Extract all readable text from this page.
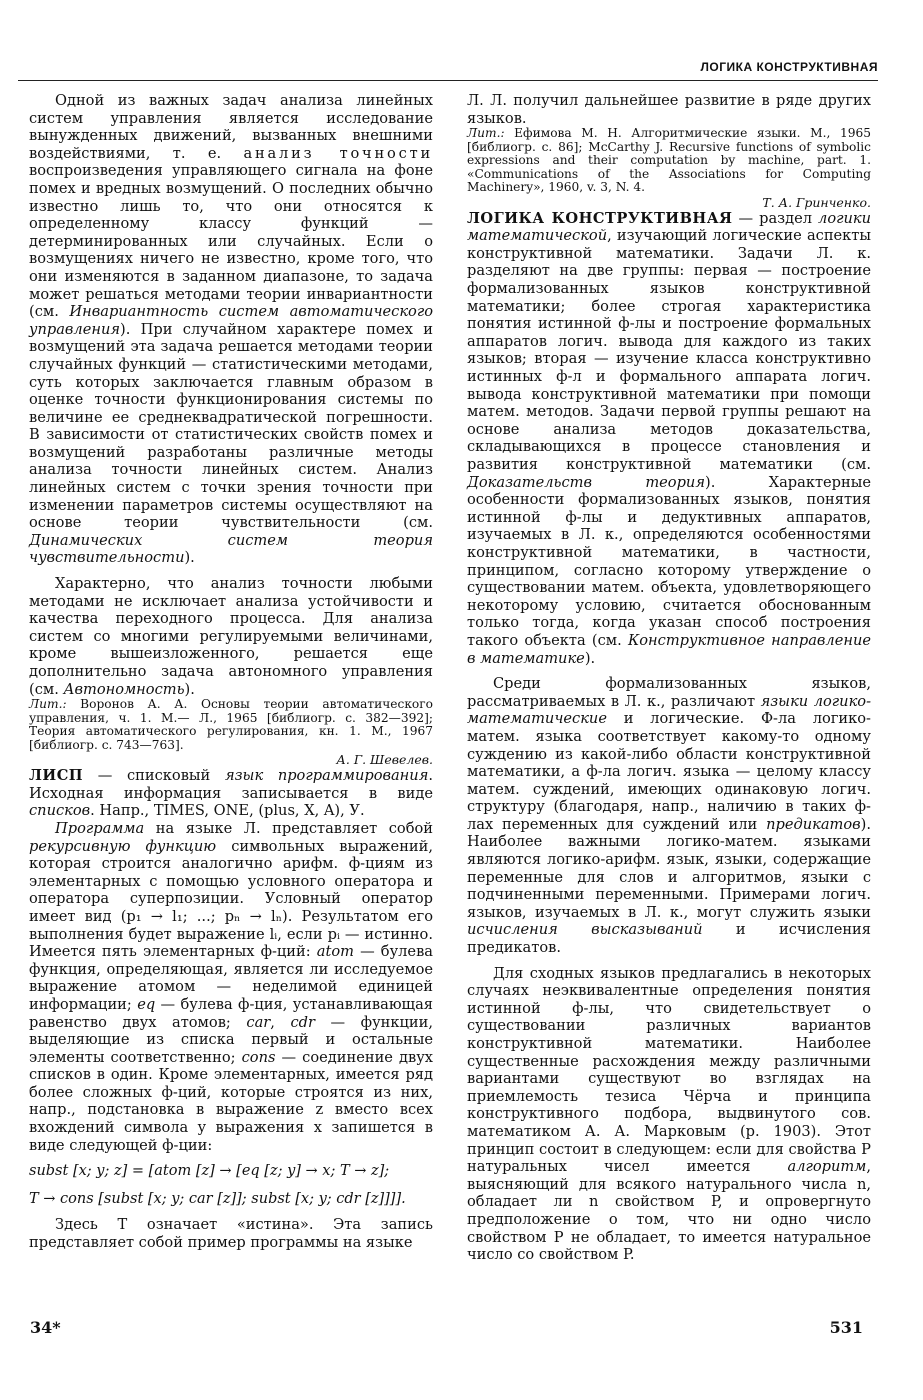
ЛОГИКА КОНСТРУКТИВНАЯ

Одной из важных задач анализа линейных систем управления является исследование вынужденных движений, вызванных внешними воздействиями, т. е. анализ точности воспроизведения управляющего сигнала на фоне помех и вредных возмущений. О последних обычно известно лишь то, что они относятся к определенному классу функций — детерминированных или случайных. Если о возмущениях ничего не известно, кроме того, что они изменяются в заданном диапазоне, то задача может решаться методами теории инвариантности (см. Инвариантность систем автоматического управления). При случайном характере помех и возмущений эта задача решается методами теории случайных функций — статистическими методами, суть которых заключается главным образом в оценке точности функционирования системы по величине ее среднеквадратической погрешности. В зависимости от статистических свойств помех и возмущений разработаны различные методы анализа точности линейных систем. Анализ линейных систем с точки зрения точности при изменении параметров системы осуществляют на основе теории чувствительности (см. Динамических систем теория чувствительности).

Характерно, что анализ точности любыми методами не исключает анализа устойчивости и качества переходного процесса. Для анализа систем со многими регулируемыми величинами, кроме вышеизложенного, решается еще дополнительно задача автономного управления (см. Автономность).

Лит.: Воронов А. А. Основы теории автоматического управления, ч. 1. М.— Л., 1965 [библиогр. с. 382—392]; Теория автоматического регулирования, кн. 1. М., 1967 [библиогр. с. 743—763].

А. Г. Шевелев.

ЛИСП — списковый язык программирования. Исходная информация записывается в виде списков. Напр., TIMES, ONE, (plus, X, A), У.

Программа на языке Л. представляет собой рекурсивную функцию символьных выражений, которая строится аналогично арифм. ф-циям из элементарных с помощью условного оператора и оператора суперпозиции. Условный оператор имеет вид (p₁ → l₁; ...; pₙ → lₙ). Результатом его выполнения будет выражение lᵢ, если pᵢ — истинно. Имеется пять элементарных ф-ций: atom — булева функция, определяющая, является ли исследуемое выражение атомом — неделимой единицей информации; eq — булева ф-ция, устанавливающая равенство двух атомов; car, cdr — функции, выделяющие из списка первый и остальные элементы соответственно; cons — соединение двух списков в один. Кроме элементарных, имеется ряд более сложных ф-ций, которые строятся из них, напр., подстановка в выражение z вместо всех вхождений символа y выражения x запишется в виде следующей ф-ции:

subst [x; y; z] = [atom [z] → [eq [z; y] → x; T → z];

T → cons [subst [x; y; car [z]]; subst [x; y; cdr [z]]]].

Здесь T означает «истина». Эта запись представляет собой пример программы на языке

Л. Л. получил дальнейшее развитие в ряде других языков.

Лит.: Ефимова М. Н. Алгоритмические языки. М., 1965 [библиогр. с. 86]; McCarthy J. Recursive functions of symbolic expressions and their computation by machine, part. 1. «Communications of the Associations for Computing Machinery», 1960, v. 3, N. 4.

Т. А. Гринченко.

ЛОГИКА КОНСТРУКТИВНАЯ — раздел логики математической, изучающий логические аспекты конструктивной математики. Задачи Л. к. разделяют на две группы: первая — построение формализованных языков конструктивной математики; более строгая характеристика понятия истинной ф-лы и построение формальных аппаратов логич. вывода для каждого из таких языков; вторая — изучение класса конструктивно истинных ф-л и формального аппарата логич. вывода конструктивной математики при помощи матем. методов. Задачи первой группы решают на основе анализа методов доказательства, складывающихся в процессе становления и развития конструктивной математики (см. Доказательств теория). Характерные особенности формализованных языков, понятия истинной ф-лы и дедуктивных аппаратов, изучаемых в Л. к., определяются особенностями конструктивной математики, в частности, принципом, согласно которому утверждение о существовании матем. объекта, удовлетворяющего некоторому условию, считается обоснованным только тогда, когда указан способ построения такого объекта (см. Конструктивное направление в математике).

Среди формализованных языков, рассматриваемых в Л. к., различают языки логико-математические и логические. Ф-ла логико-матем. языка соответствует какому-то одному суждению из какой-либо области конструктивной математики, а ф-ла логич. языка — целому классу матем. суждений, имеющих одинаковую логич. структуру (благодаря, напр., наличию в таких ф-лах переменных для суждений или предикатов). Наиболее важными логико-матем. языками являются логико-арифм. язык, языки, содержащие переменные для слов и алгоритмов, языки с подчиненными переменными. Примерами логич. языков, изучаемых в Л. к., могут служить языки исчисления высказываний и исчисления предикатов.

Для сходных языков предлагались в некоторых случаях неэквивалентные определения понятия истинной ф-лы, что свидетельствует о существовании различных вариантов конструктивной математики. Наиболее существенные расхождения между различными вариантами существуют во взглядах на приемлемость тезиса Чёрча и принципа конструктивного подбора, выдвинутого сов. математиком А. А. Марковым (р. 1903). Этот принцип состоит в следующем: если для свойства P натуральных чисел имеется алгоритм, выясняющий для всякого натурального числа n, обладает ли n свойством P, и опровергнуто предположение о том, что ни одно число свойством P не обладает, то имеется натуральное число со свойством P.

34*	531
